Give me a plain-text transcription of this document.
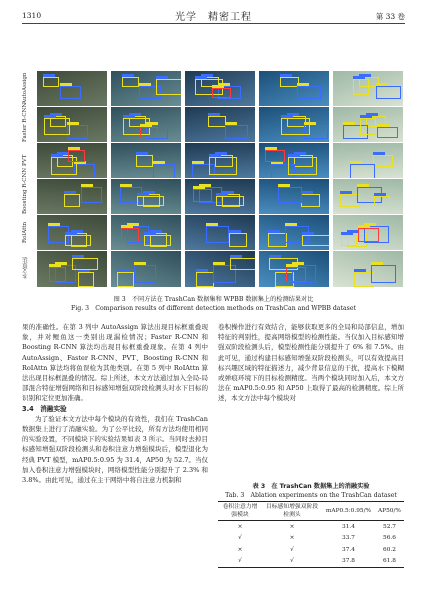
1310	光学　精密工程	第 33 卷
AutoAssign
Faster R-CNN
PVT
Boosting R-CNN
RolAttn
本文算法
图 3　不同方法在 TrashCan 数据集和 WPBB 数据集上的检测结果对比
Fig. 3　Comparison results of different detection methods on TrashCan and WPBB dataset

果的准确性。在第 3 列中 AutoAssign 算法出现目标框重叠现象，并对鲤鱼这一类别出现漏检情况；Faster R-CNN 和 Boosting R-CNN 算法均出现目标框重叠现象。在第 4 列中 AutoAssign、Faster R-CNN、PVT、Boosting R-CNN 和 RoIAttn 算法均将鱼误检为其他类别。在第 5 列中 RoIAttn 算法出现目标框混叠的情况。综上所述，本文方法通过加入全局-局部混合特征增强网络和目标感知增强双阶段检测头对水下目标的识别和定位更加准确。

3.4　消融实验

为了验证本文方法中每个模块的有效性，我们在 TrashCan 数据集上进行了消融实验。为了公平比较，所有方法均使用相同的实验设置，不同模块下的实验结果如表 3 所示。当同时去掉目标感知增强双阶段检测头和卷积注意力增强模块后，模型退化为经典 PVT 模型，mAP0.5:0.95 为 31.4，AP50 为 52.7。当仅加入卷积注意力增强模块时，网络模型性能分别提升了 2.3% 和 3.8%。由此可见，通过在主干网络中将自注意力机制和

卷积操作进行有效结合，能够获取更多的全局和局部信息，增加特征的判别性，提高网络模型的检测性能。当仅加入目标感知增强双阶段检测头后，模型检测性能分别提升了 6% 和 7.5%。由此可见，通过构建目标感知增强双阶段检测头，可以有效提高目标兴趣区域的特征描述力，减少背景信息的干扰，提高水下模糊或弹痕环境下的目标检测精度。当两个模块同时加入后，本文方法在 mAP0.5:0.95 和 AP50 上取得了最高的检测精度。综上所述，本文方法中每个模块对

表 3　在 TrashCan 数据集上的消融实验
Tab. 3　Ablation experiments on the TrashCan dataset
卷积注意力增强模块	目标感知增强双阶段检测头	mAP0.5:0.95/%	AP50/%
×	×	31.4	52.7
√	×	33.7	56.6
×	√	37.4	60.2
√	√	37.8	61.8
